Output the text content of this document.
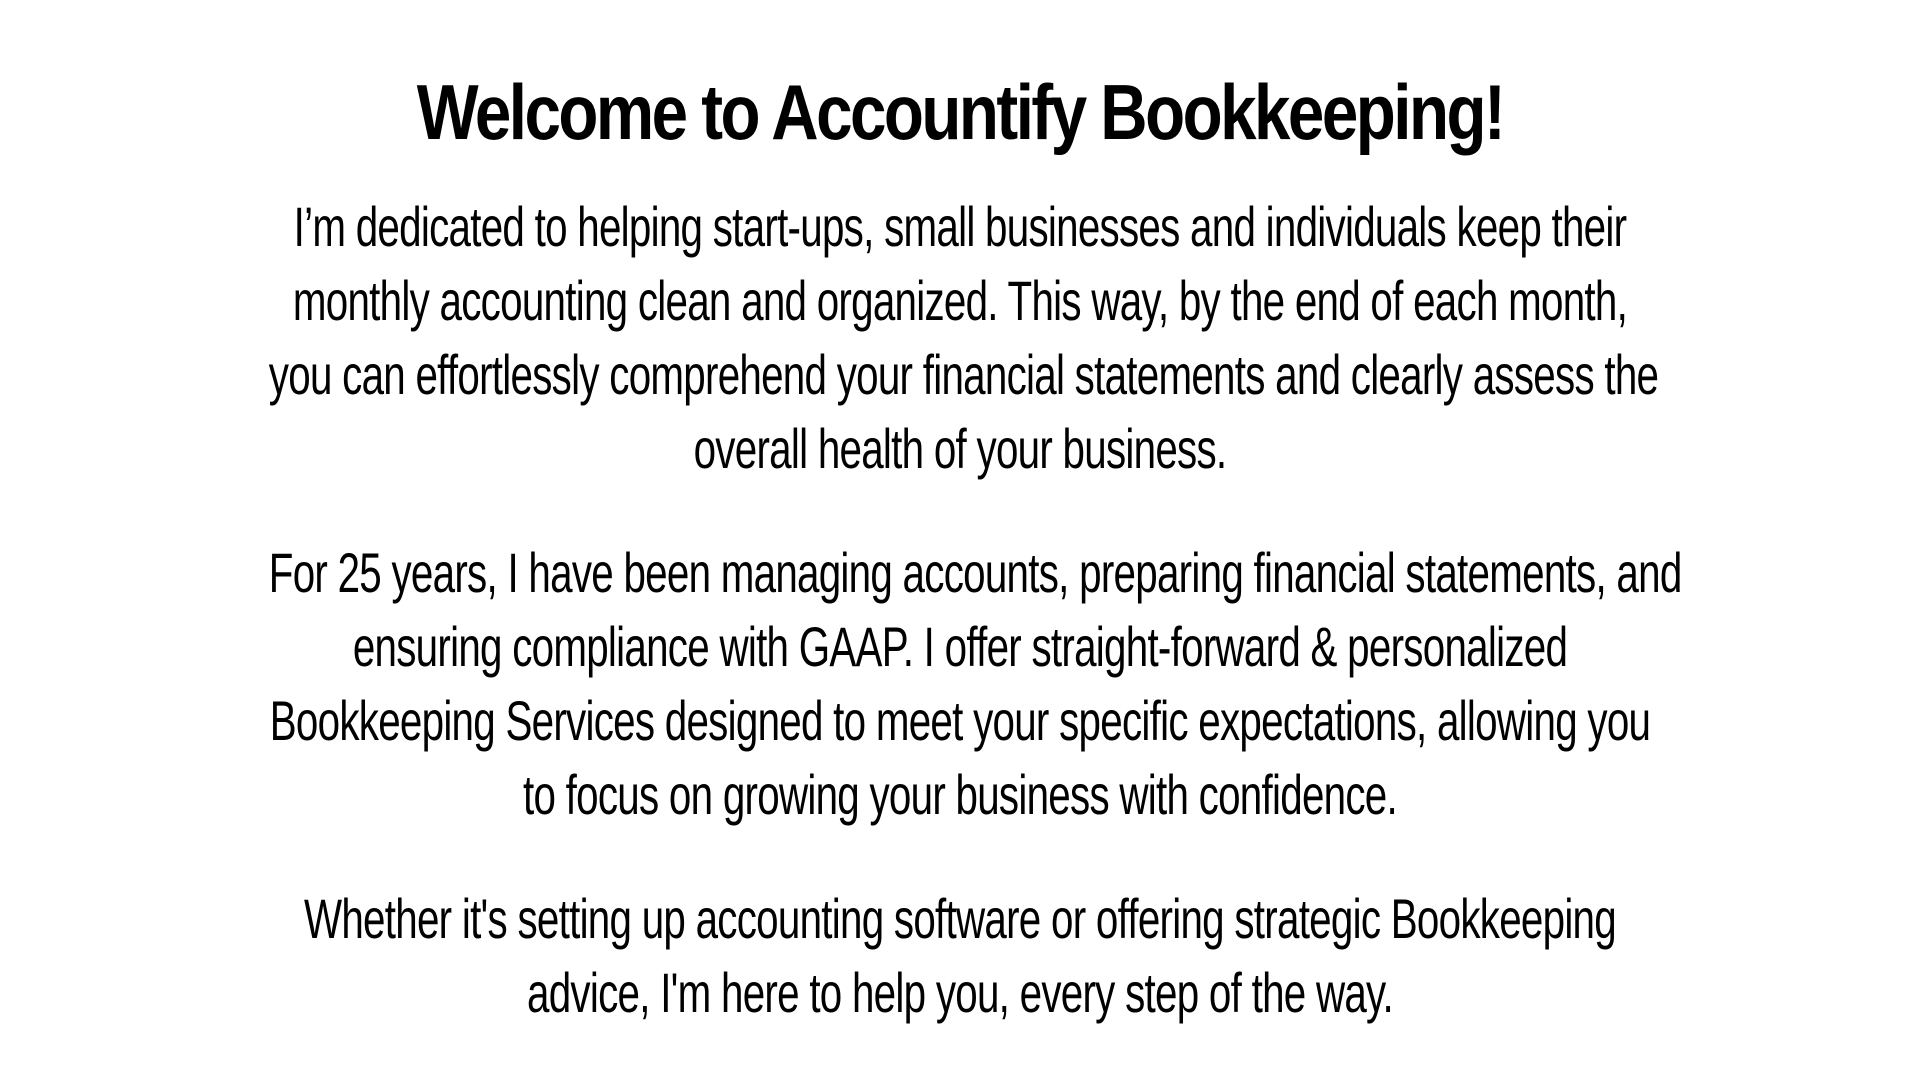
Welcome to Accountify Bookkeeping!

I’m dedicated to helping start-ups, small businesses and individuals keep their
monthly accounting clean and organized. This way, by the end of each month,
you can effortlessly comprehend your financial statements and clearly assess the
overall health of your business.

For 25 years, I have been managing accounts, preparing financial statements, and
ensuring compliance with GAAP. I offer straight-forward & personalized
Bookkeeping Services designed to meet your specific expectations, allowing you
to focus on growing your business with confidence.

Whether it's setting up accounting software or offering strategic Bookkeeping
advice, I'm here to help you, every step of the way.
